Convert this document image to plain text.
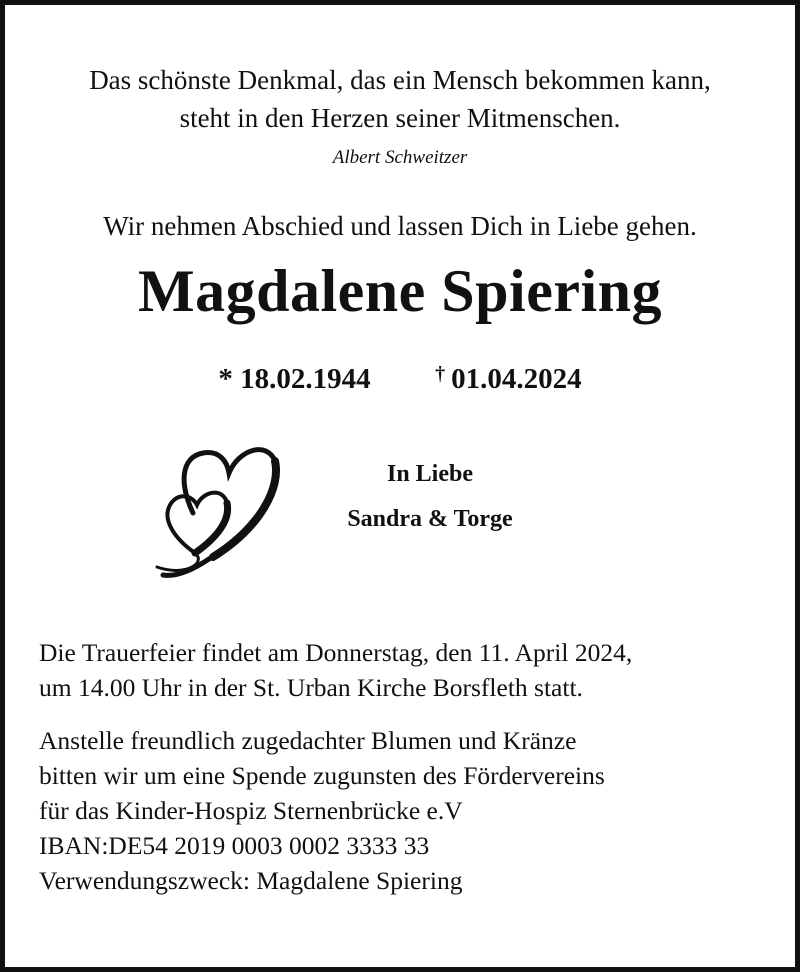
Das schönste Denkmal, das ein Mensch bekommen kann,
steht in den Herzen seiner Mitmenschen.
Albert Schweitzer
Wir nehmen Abschied und lassen Dich in Liebe gehen.
Magdalene Spiering
* 18.02.1944	† 01.04.2024
In Liebe
Sandra & Torge
Die Trauerfeier findet am Donnerstag, den 11. April 2024,
um 14.00 Uhr in der St. Urban Kirche Borsfleth statt.
Anstelle freundlich zugedachter Blumen und Kränze
bitten wir um eine Spende zugunsten des Fördervereins
für das Kinder-Hospiz Sternenbrücke e.V
IBAN:DE54 2019 0003 0002 3333 33
Verwendungszweck: Magdalene Spiering
